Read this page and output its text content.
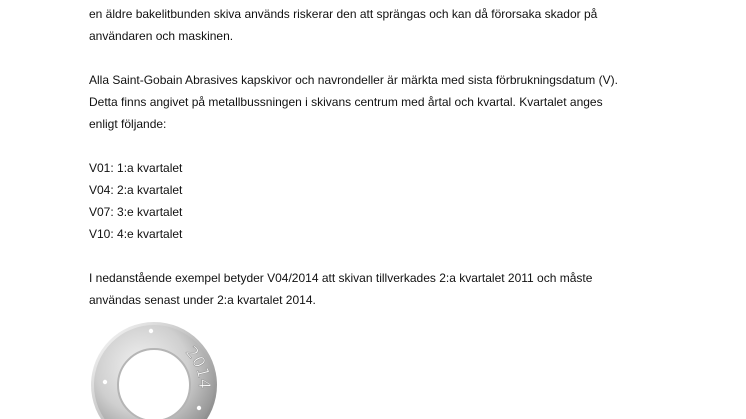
en äldre bakelitbunden skiva används riskerar den att sprängas och kan då förorsaka skador på
användaren och maskinen.
Alla Saint-Gobain Abrasives kapskivor och navrondeller är märkta med sista förbrukningsdatum (V).
Detta finns angivet på metallbussningen i skivans centrum med årtal och kvartal. Kvartalet anges
enligt följande:
V01: 1:a kvartalet
V04: 2:a kvartalet
V07: 3:e kvartalet
V10: 4:e kvartalet
I nedanstående exempel betyder V04/2014 att skivan tillverkades 2:a kvartalet 2011 och måste
användas senast under 2:a kvartalet 2014.
2014
